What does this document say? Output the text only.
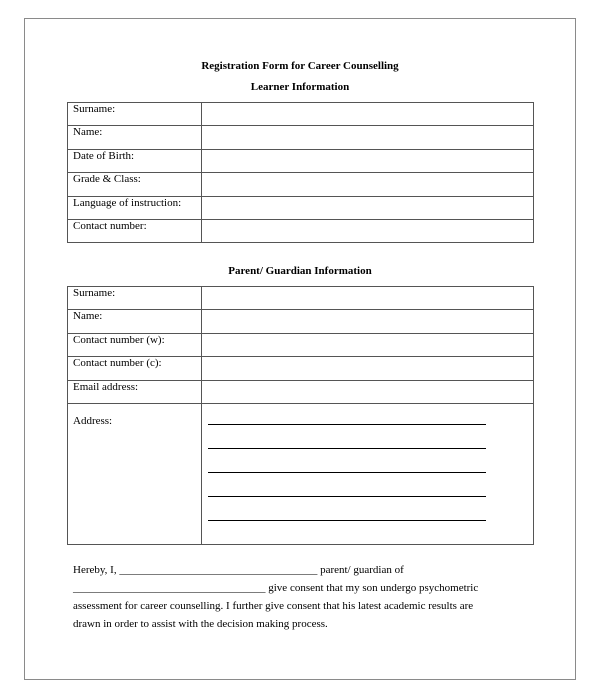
Registration Form for Career Counselling
Learner Information
Surname:	
Name:	
Date of Birth:	
Grade & Class:	
Language of instruction:	
Contact number:	
Parent/ Guardian Information
Surname:	
Name:	
Contact number (w):	
Contact number (c):	
Email address:	
Address:	

Hereby, I, ____________________________________ parent/ guardian of

___________________________________ give consent that my son undergo psychometric

assessment for career counselling. I further give consent that his latest academic results are

drawn in order to assist with the decision making process.
